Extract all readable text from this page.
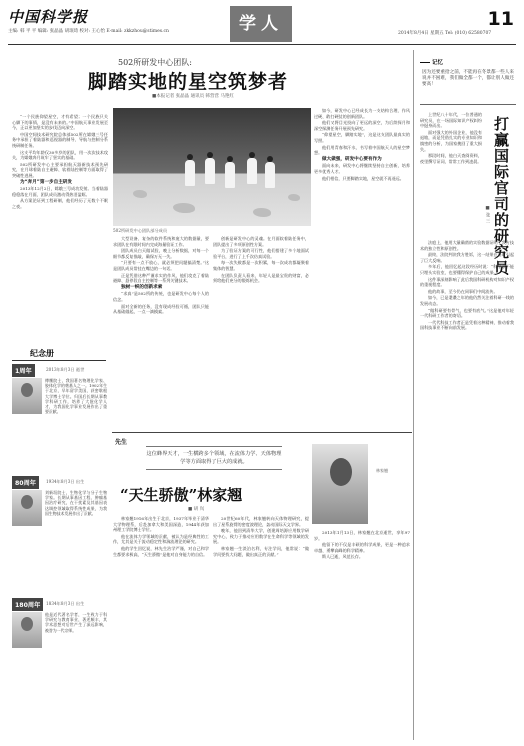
中国科学报
主编: 韩 平 平 编辑: 张晶晶 胡珉琦 校对: 王心怡 E-mail: zkkzhou@stimes.cn	学人	2014年8月4日 星期五 Tel: (010) 62580707
11
502所研发中心团队:
脚踏实地的星空筑梦者
■本报记者 张晶晶 通讯员 韩营营 马艳红
502所研发中心团队部分成员

“一个民族仰望星空，才有希望；一个民族只关心脚下的事情，是没有未来的。”中国航天事业发展至今，正以更加坚实的步伐迈向深空。

中国空间技术研究院总体部502所在嫦娥三号任务中承担了着陆器和巡视器的制导、导航与控制分系统研制任务。

这支平均年龄仅30多岁的团队，用一次次技术攻关，为嫦娥奔月筑牢了坚实的基础。

502所研发中心主要承担航天器新技术预先研究，在月球着陆自主避障、软着陆控制等方面取得了突破性进展。

为“奔月”第一步自主研发

2013年12月2日，嫦娥三号成功发射。当着陆器稳稳落在月面，团队成员激动得热泪盈眶。

从方案论证到工程研制，他们经历了无数个不眠之夜。

大型设备、复杂的软件系统和庞大的数据量，要求团队在有限时间内完成海量验证工作。

团队成员白天做试验，晚上分析数据，对每一个细节都反复推敲，确保万无一失。

“只要有一点不放心，就必须把问题搞清楚。”这是团队成员常挂在嘴边的一句话。

正是凭借这种严谨求实的作风，他们攻克了着陆避障、悬停段自主控制等一系列关键技术。

独树一帜的创新求索

“求真”是502所的传统，也是研发中心每个人的信念。

面对全新的任务，没有现成经验可循，团队只能从基础做起，一点一滴摸索。

创新是研发中心的灵魂。在月面软着陆任务中，团队提出了多项原创性方案。

为了验证方案的可行性，他们搭建了多个地面试验平台，进行了上千次仿真试验。

每一次失败都是一次积累，每一次成功都凝聚着集体的智慧。

在团队负责人看来，年轻人是最宝贵的财富，必须给他们充分的锻炼机会。

如今，研发中心已经成长为一支结构合理、作风过硬、敢打硬仗的创新团队。

他们又将目光投向了更远的深空，为后续探月和深空探测任务开展预先研究。

“仰望星空，脚踏实地”，这是这支团队最真实的写照。

他们用青春和汗水，书写着中国航天人的星空梦想。

做大做强，研发中心要有作为

面向未来，研发中心将继续坚持自主创新，培养更多优秀人才。

他们相信，只要脚踏实地，星空就不再遥远。

纪念册
1周年	2013年8月3日 逝世
傅鹰院士，我国著名物理化学家、胶体化学的奠基人之一。1902年生于北京，早年留学美国，获密歇根大学博士学位。归国后长期从事教学科研工作，培养了大批化学人才，为我国化学事业发展作出了重要贡献。
80周年	1934年8月3日 出生
刘新垣院士，生物化学与分子生物学家。长期从事基因工程、肿瘤基因治疗研究，在干扰素及其基因表达调控领域取得系统性成果，为我国生物技术发展作出了贡献。
180周年	1834年8月3日 出生
他是近代著名学者，一生致力于科学研究与教育事业，著述颇丰，其学术思想对后世产生了深远影响，被誉为一代宗师。
先生
这位蜂界天才，一生横跨多个领域，在流体力学、天体物理学等方面取得了巨大的成就。
“天生骄傲”林家翘
■ 胡 岚
林家翘

林家翘1916年出生于北京，1937年毕业于清华大学物理系，后赴加拿大和美国深造，1944年获加州理工学院博士学位。

他在流体力学领域的贡献，被认为是经典性的工作，尤其是关于流动稳定性和湍流理论的研究。

他的学生回忆说，林先生治学严谨，对自己和学生都要求极高，“天生骄傲”是他对自身能力的自信。

20世纪60年代，林家翘转向天体物理研究，提出了星系旋臂的密度波理论，轰动国际天文学界。

晚年，他回到清华大学，创建周培源应用数学研究中心，致力于推动应用数学在生命科学等领域的发展。

林家翘一生淡泊名利，专注学问，他常说：“做学问要找大问题，做出真正的贡献。”

2013年1月13日，林家翘在北京逝世，享年97岁。

他留下的不仅是丰硕的科学成果，更是一种追求卓越、勇攀高峰的科学精神。

斯人已逝，风范长存。

记忆
因为还要重拾之前，不能再在冬景都一些人来说并不困难，我们做全都一个，都让别人做还要高！
打赢国际官司的研究员
■ 张 三

上世纪八十年代，一位普通的研究员，在一场国际知识产权纠纷中挺身而出。

面对强大的外国企业，他没有退缩，而是凭借扎实的专业知识和缜密的分析，为国家挽回了重大损失。

那段时间，他白天查阅资料，夜里撰写证词，常常工作到凌晨。

法庭上，他用大量确凿的实验数据证明了我方技术的独立性和原创性。

最终，法院判决我方胜诉，这一结果在当时引起了巨大反响。

多年后，他回忆起这段经历时说：“科学家不能只埋头实验室，也要懂得保护自己的成果。”

这件事深刻影响了此后我国科研机构对知识产权的重视程度。

他的故事，至今仍在同事们中间流传。

如今，已是耄耋之年的他仍然关注着科研一线的发展动态。

“做科研要有骨气，也要有底气。”这是他对年轻一代科研工作者的寄语。

一代代科技工作者正是凭着这种精神，推动着我国科技事业不断向前发展。
